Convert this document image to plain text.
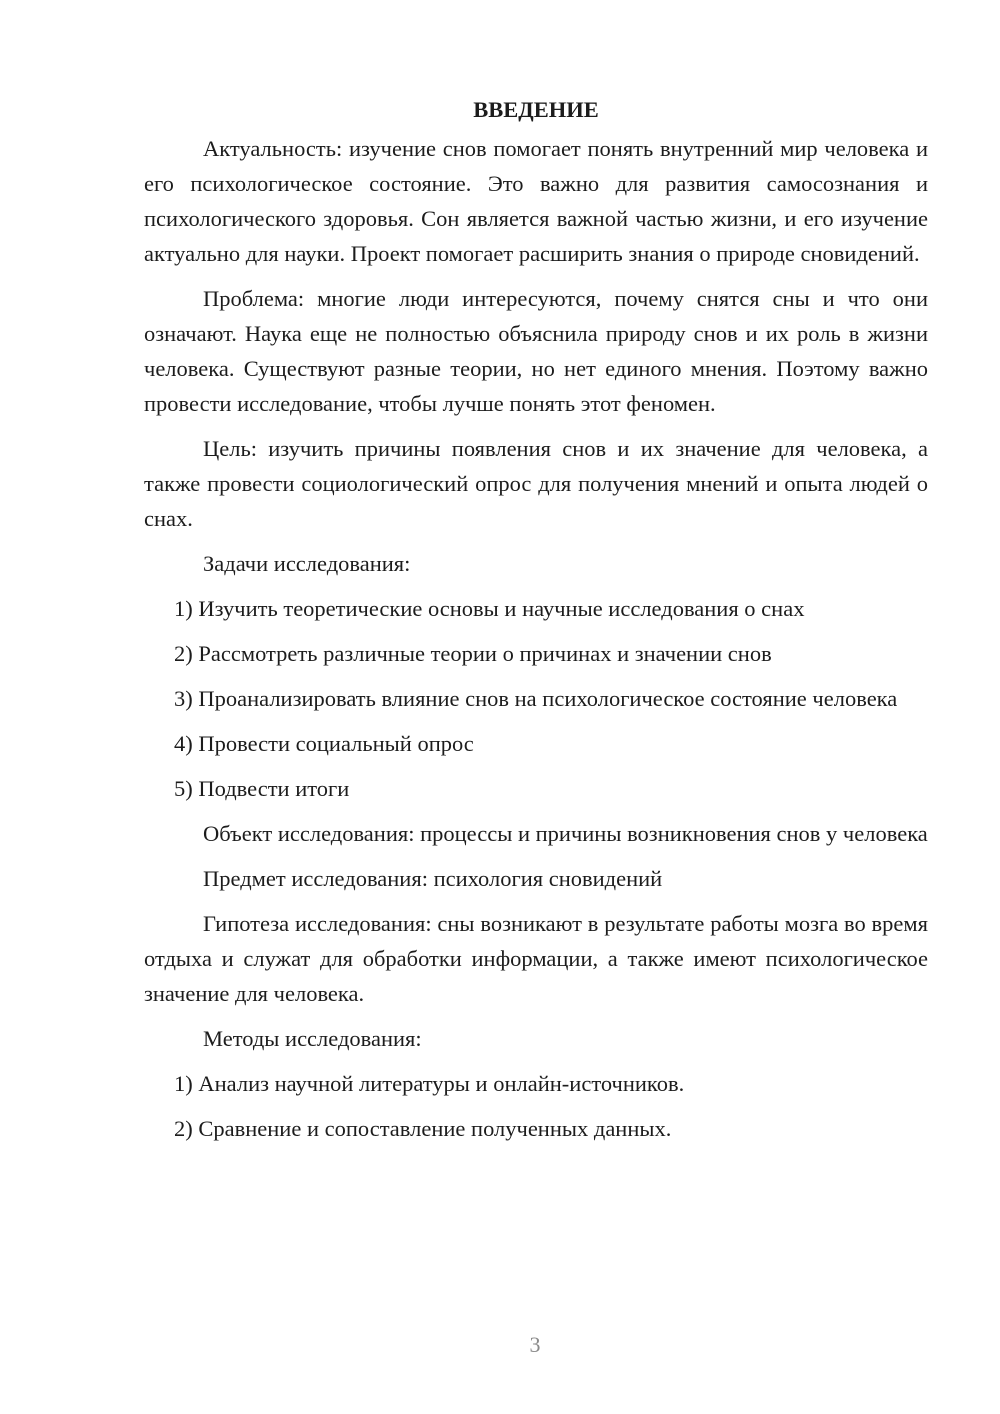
ВВЕДЕНИЕ

Актуальность: изучение снов помогает понять внутренний мир человека и его психологическое состояние. Это важно для развития самосознания и психологического здоровья. Сон является важной частью жизни, и его изучение актуально для науки. Проект помогает расширить знания о природе сновидений.

Проблема: многие люди интересуются, почему снятся сны и что они означают. Наука еще не полностью объяснила природу снов и их роль в жизни человека. Существуют разные теории, но нет единого мнения. Поэтому важно провести исследование, чтобы лучше понять этот феномен.

Цель: изучить причины появления снов и их значение для человека, а также провести социологический опрос для получения мнений и опыта людей о снах.

Задачи исследования:

1) Изучить теоретические основы и научные исследования о снах

2) Рассмотреть различные теории о причинах и значении снов

3) Проанализировать влияние снов на психологическое состояние человека

4) Провести социальный опрос

5) Подвести итоги

Объект исследования: процессы и причины возникновения снов у человека

Предмет исследования: психология сновидений

Гипотеза исследования: сны возникают в результате работы мозга во время отдыха и служат для обработки информации, а также имеют психологическое значение для человека.

Методы исследования:

1) Анализ научной литературы и онлайн-источников.

2) Сравнение и сопоставление полученных данных.

3
